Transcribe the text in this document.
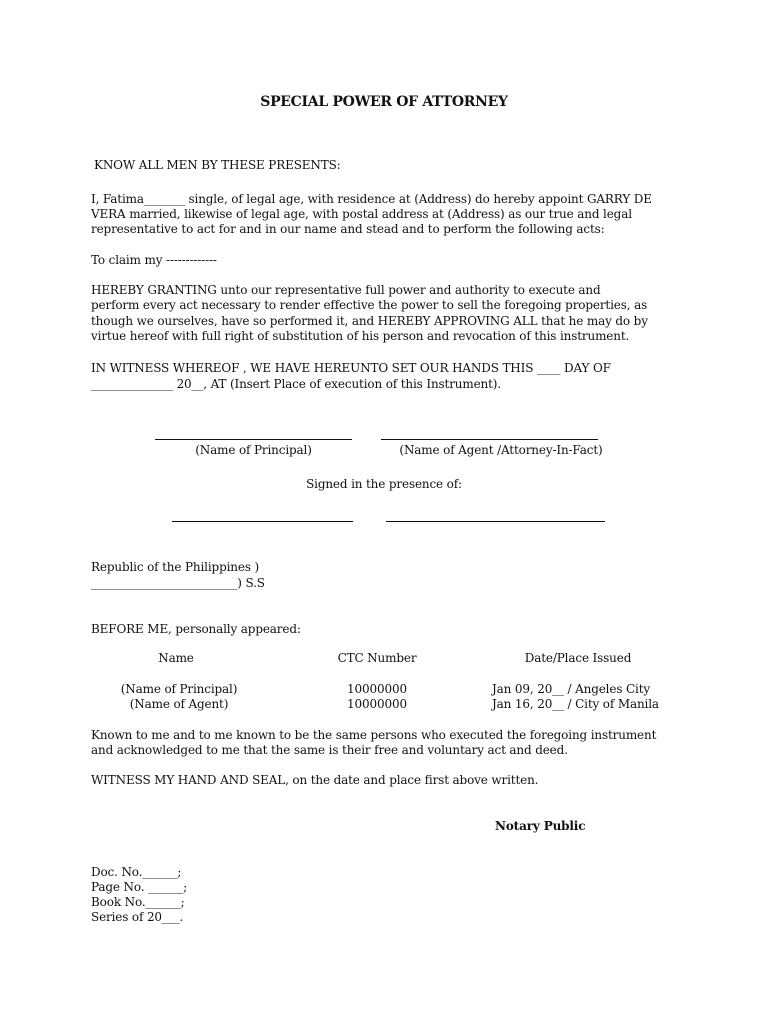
SPECIAL POWER OF ATTORNEY
KNOW ALL MEN BY THESE PRESENTS:
I, Fatima_______ single, of legal age, with residence at (Address) do hereby appoint GARRY DE
VERA married, likewise of legal age, with postal address at (Address) as our true and legal
representative to act for and in our name and stead and to perform the following acts:
To claim my -------------
HEREBY GRANTING unto our representative full power and authority to execute and
perform every act necessary to render effective the power to sell the foregoing properties, as
though we ourselves, have so performed it, and HEREBY APPROVING ALL that he may do by
virtue hereof with full right of substitution of his person and revocation of this instrument.
IN WITNESS WHEREOF , WE HAVE HEREUNTO SET OUR HANDS THIS ____ DAY OF
______________ 20__, AT (Insert Place of execution of this Instrument).
(Name of Principal)	(Name of Agent /Attorney-In-Fact)
Signed in the presence of:
Republic of the Philippines )
_________________________) S.S
BEFORE ME, personally appeared:
Name	CTC Number	Date/Place Issued
(Name of Principal)	10000000	Jan 09, 20__ / Angeles City
(Name of Agent)	10000000	Jan 16, 20__ / City of Manila
Known to me and to me known to be the same persons who executed the foregoing instrument
and acknowledged to me that the same is their free and voluntary act and deed.
WITNESS MY HAND AND SEAL, on the date and place first above written.
Notary Public
Doc. No.______;
Page No. ______;
Book No.______;
Series of 20___.
